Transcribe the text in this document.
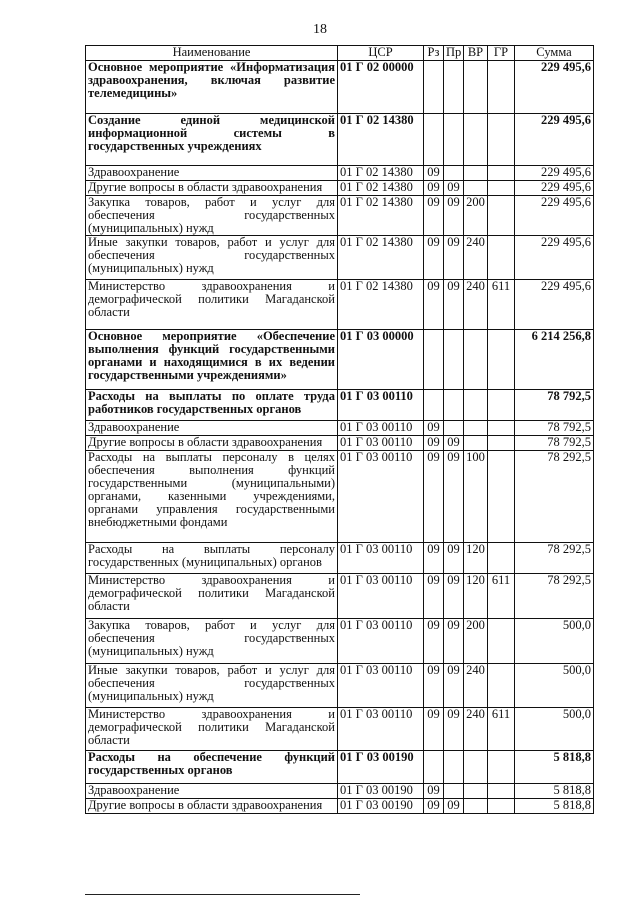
18
Наименование	ЦСР	Рз	Пр	ВР	ГР	Сумма
Основное мероприятие «Информатизация здравоохранения, включая развитие телемедицины»	01 Г 02 00000					229 495,6
Создание единой медицинской информационной системы в государственных учреждениях	01 Г 02 14380					229 495,6
Здравоохранение	01 Г 02 14380	09				229 495,6
Другие вопросы в области здравоохранения	01 Г 02 14380	09	09			229 495,6
Закупка товаров, работ и услуг для обеспечения государственных (муниципальных) нужд	01 Г 02 14380	09	09	200		229 495,6
Иные закупки товаров, работ и услуг для обеспечения государственных (муниципальных) нужд	01 Г 02 14380	09	09	240		229 495,6
Министерство здравоохранения и демографической политики Магаданской области	01 Г 02 14380	09	09	240	611	229 495,6
Основное мероприятие «Обеспечение выполнения функций государственными органами и находящимися в их ведении государственными учреждениями»	01 Г 03 00000					6 214 256,8
Расходы на выплаты по оплате труда работников государственных органов	01 Г 03 00110					78 792,5
Здравоохранение	01 Г 03 00110	09				78 792,5
Другие вопросы в области здравоохранения	01 Г 03 00110	09	09			78 792,5
Расходы на выплаты персоналу в целях обеспечения выполнения функций государственными (муниципальными) органами, казенными учреждениями, органами управления государственными внебюджетными фондами	01 Г 03 00110	09	09	100		78 292,5
Расходы на выплаты персоналу государственных (муниципальных) органов	01 Г 03 00110	09	09	120		78 292,5
Министерство здравоохранения и демографической политики Магаданской области	01 Г 03 00110	09	09	120	611	78 292,5
Закупка товаров, работ и услуг для обеспечения государственных (муниципальных) нужд	01 Г 03 00110	09	09	200		500,0
Иные закупки товаров, работ и услуг для обеспечения государственных (муниципальных) нужд	01 Г 03 00110	09	09	240		500,0
Министерство здравоохранения и демографической политики Магаданской области	01 Г 03 00110	09	09	240	611	500,0
Расходы на обеспечение функций государственных органов	01 Г 03 00190					5 818,8
Здравоохранение	01 Г 03 00190	09				5 818,8
Другие вопросы в области здравоохранения	01 Г 03 00190	09	09			5 818,8
